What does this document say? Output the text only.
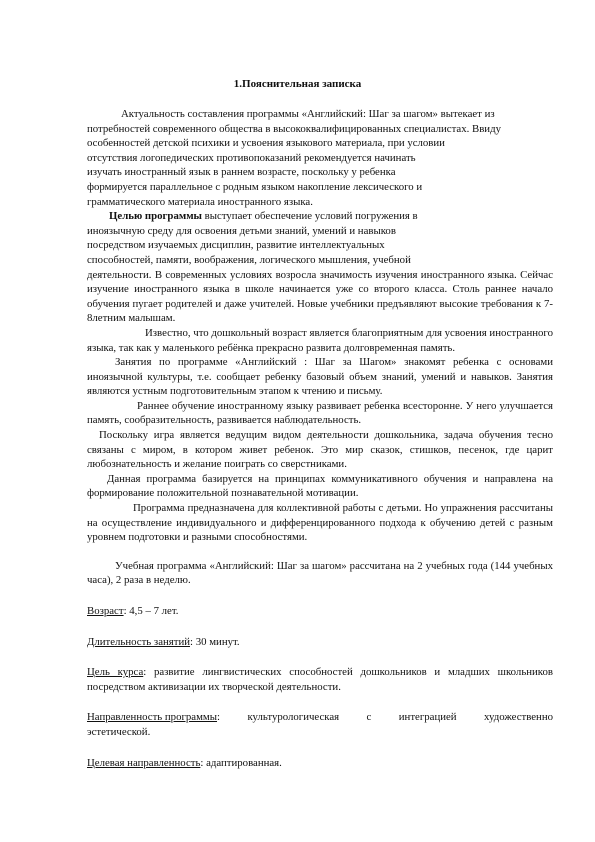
1.Пояснительная записка

Актуальность составления программы «Английский: Шаг за шагом» вытекает из
потребностей современного общества в высококвалифицированных специалистах. Ввиду
особенностей детской психики и усвоения языкового материала, при условии
отсутствия логопедических противопоказаний рекомендуется начинать
изучать иностранный язык в раннем возрасте, поскольку у ребенка
формируется параллельное с родным языком накопление лексического и
грамматического материала иностранного языка.

Целью программы выступает обеспечение условий погружения в
иноязычную среду для освоения детьми знаний, умений и навыков
посредством изучаемых дисциплин, развитие интеллектуальных
способностей, памяти, воображения, логического мышления, учебной
деятельности. В современных условиях возросла значимость изучения иностранного языка. Сейчас изучение иностранного языка в школе начинается уже со второго класса. Столь раннее начало обучения пугает родителей и даже учителей. Новые учебники предъявляют высокие требования к 7-8летним малышам.

Известно, что дошкольный возраст является благоприятным для усвоения иностранного языка, так как у маленького ребёнка прекрасно развита долговременная память.

Занятия по программе «Английский : Шаг за Шагом» знакомят ребенка с основами иноязычной культуры, т.е. сообщает ребенку базовый объем знаний, умений и навыков. Занятия являются устным подготовительным этапом к чтению и письму.

Раннее обучение иностранному языку развивает ребенка всесторонне. У него улучшается память, сообразительность, развивается наблюдательность.

Поскольку игра является ведущим видом деятельности дошкольника, задача обучения тесно связаны с миром, в котором живет ребенок. Это мир сказок, стишков, песенок, где царит любознательность и желание поиграть со сверстниками.

Данная программа базируется на принципах коммуникативного обучения и направлена на формирование положительной познавательной мотивации.

Программа предназначена для коллективной работы с детьми. Но упражнения рассчитаны на осуществление индивидуального и дифференцированного подхода к обучению детей с разным уровнем подготовки и разными способностями.

Учебная программа «Английский: Шаг за шагом» рассчитана на 2 учебных года (144 учебных часа), 2 раза в неделю.

Возраст: 4,5 – 7 лет.

Длительность занятий: 30 минут.

Цель курса: развитие лингвистических способностей дошкольников и младших школьников посредством активизации их творческой деятельности.

Направленность программы:	культурологическая	с	интеграцией	художественно
эстетической.

Целевая направленность: адаптированная.
